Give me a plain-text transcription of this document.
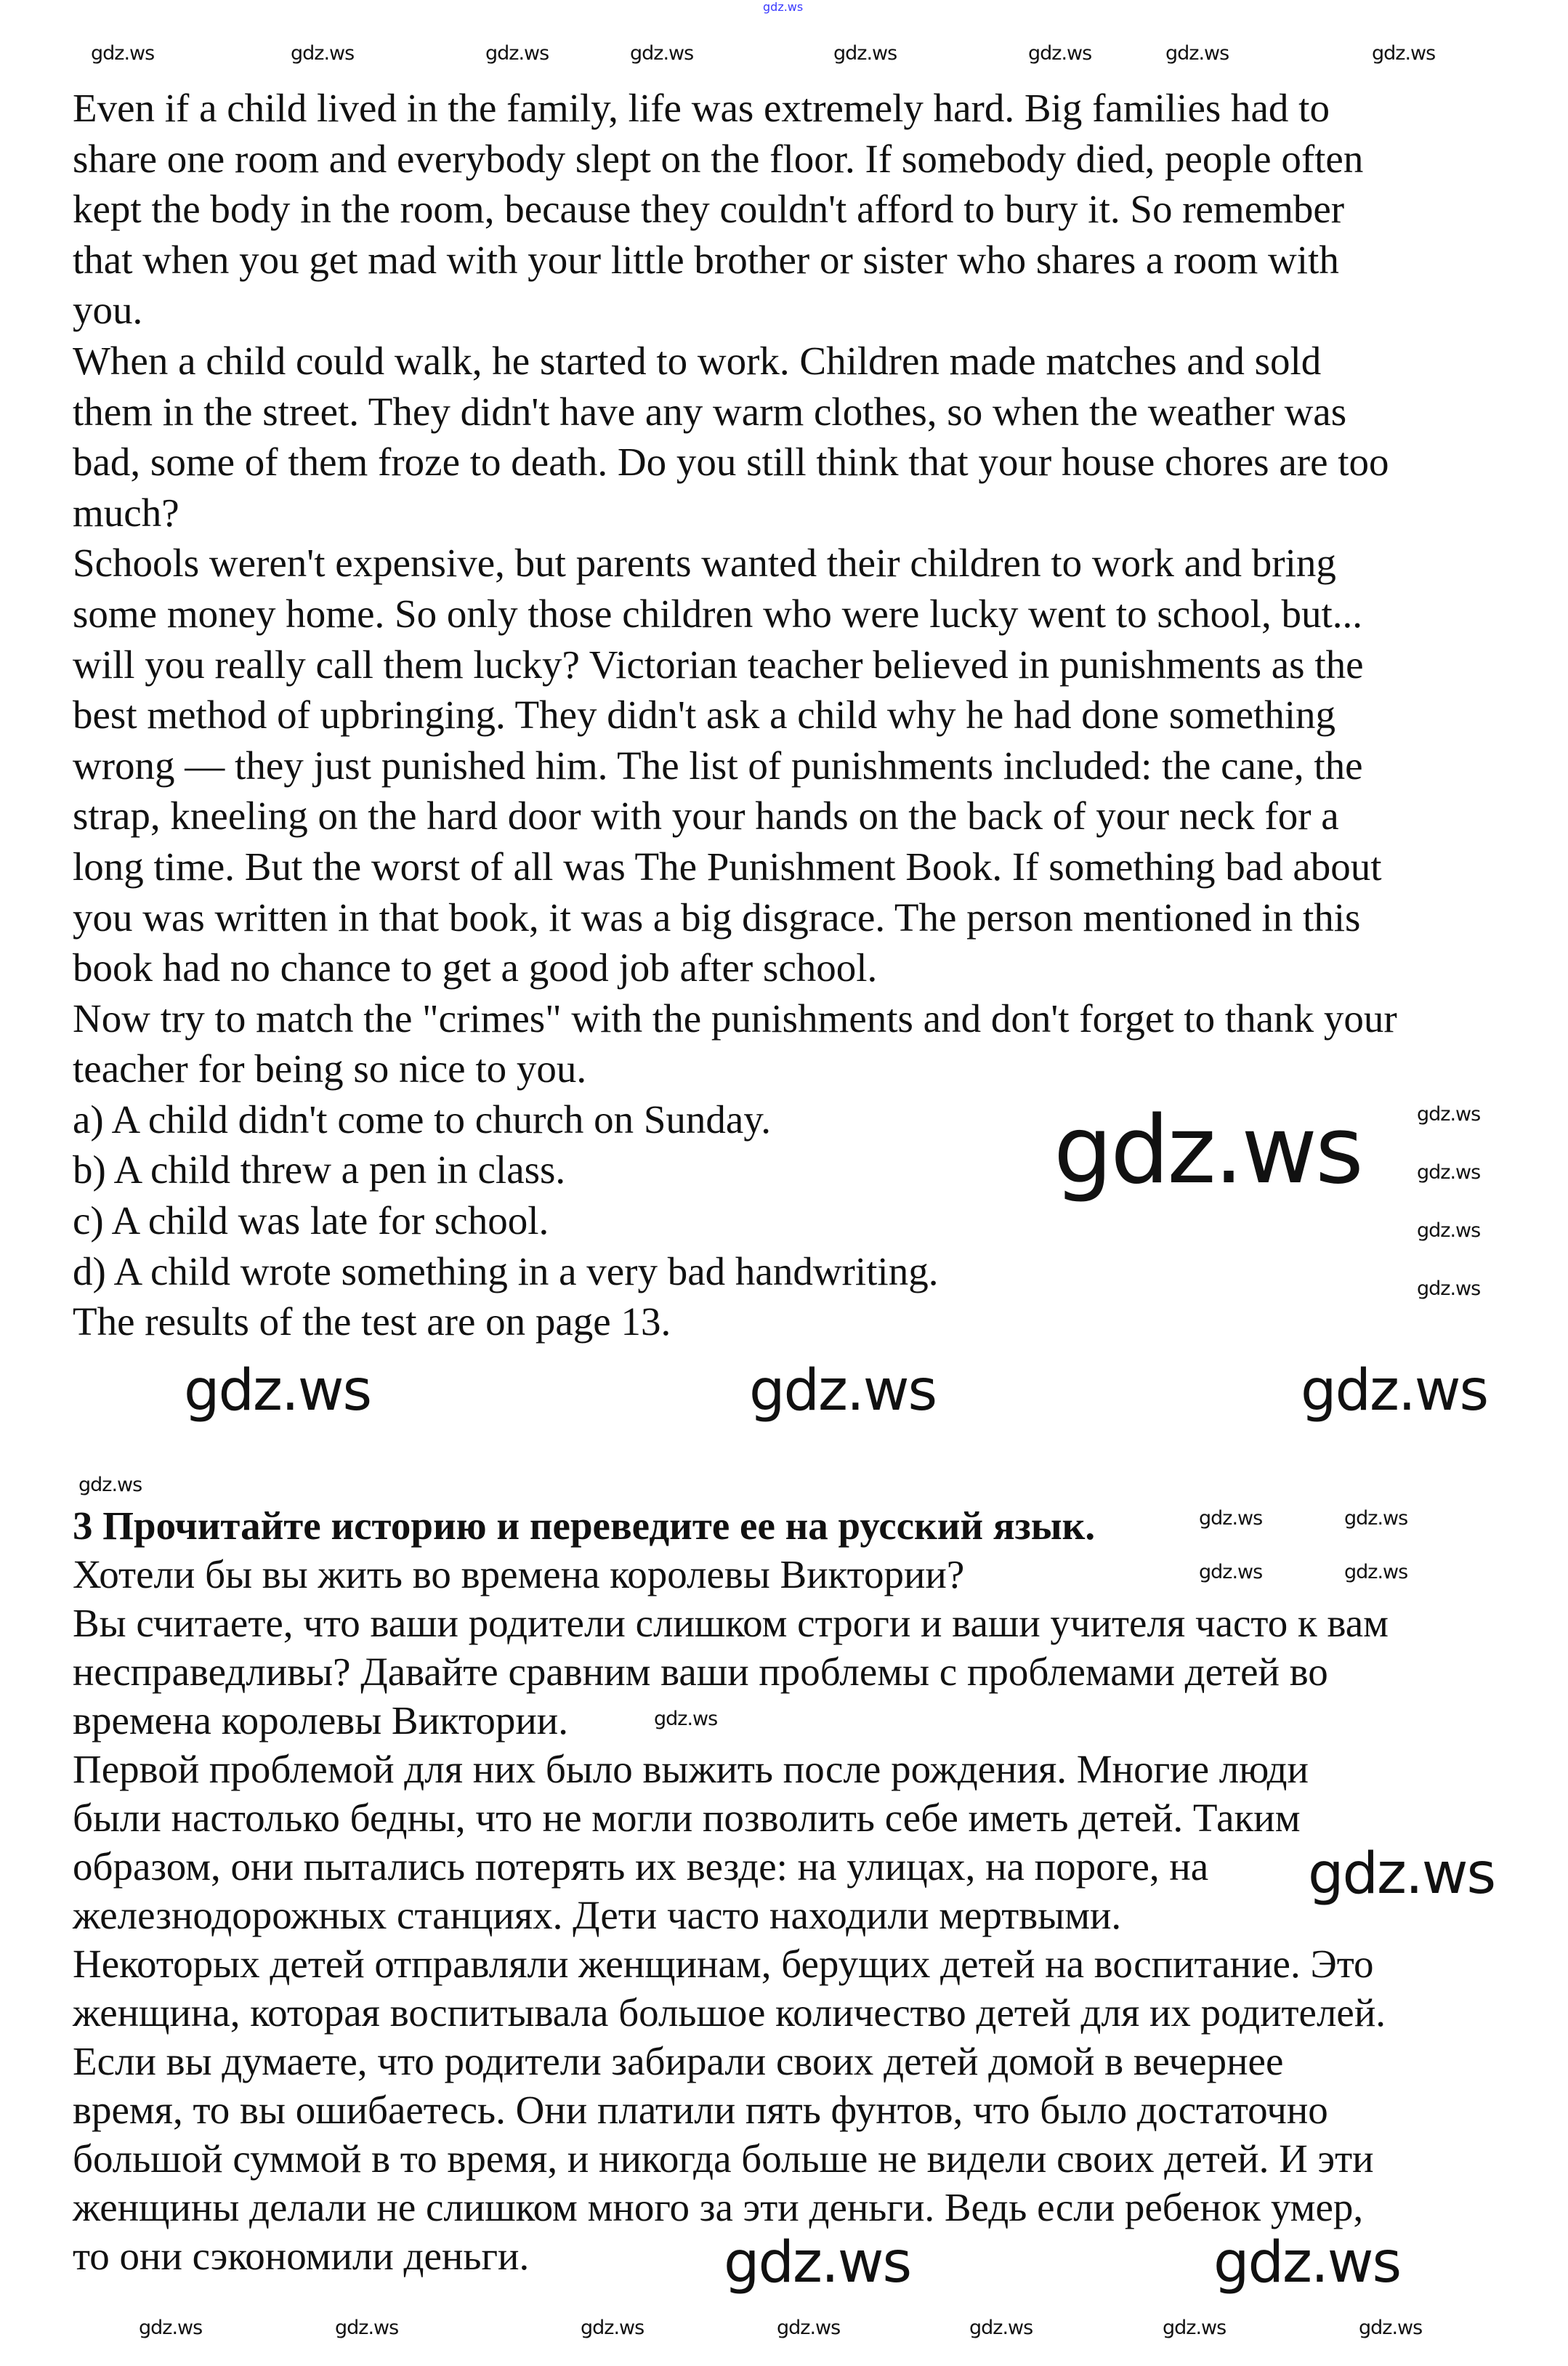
gdz.ws
Even if a child lived in the family, life was extremely hard. Big families had to
share one room and everybody slept on the floor. If somebody died, people often
kept the body in the room, because they couldn't afford to bury it. So remember
that when you get mad with your little brother or sister who shares a room with
you.
When a child could walk, he started to work. Children made matches and sold
them in the street. They didn't have any warm clothes, so when the weather was
bad, some of them froze to death. Do you still think that your house chores are too
much?
Schools weren't expensive, but parents wanted their children to work and bring
some money home. So only those children who were lucky went to school, but...
will you really call them lucky? Victorian teacher believed in punishments as the
best method of upbringing. They didn't ask a child why he had done something
wrong — they just punished him. The list of punishments included: the cane, the
strap, kneeling on the hard door with your hands on the back of your neck for a
long time. But the worst of all was The Punishment Book. If something bad about
you was written in that book, it was a big disgrace. The person mentioned in this
book had no chance to get a good job after school.
Now try to match the "crimes" with the punishments and don't forget to thank your
teacher for being so nice to you.
a) A child didn't come to church on Sunday.
b) A child threw a pen in class.
c) A child was late for school.
d) A child wrote something in a very bad handwriting.
The results of the test are on page 13.
3 Прочитайте историю и переведите ее на русский язык.
Хотели бы вы жить во времена королевы Виктории?
Вы считаете, что ваши родители слишком строги и ваши учителя часто к вам
несправедливы? Давайте сравним ваши проблемы с проблемами детей во
времена королевы Виктории.
Первой проблемой для них было выжить после рождения. Многие люди
были настолько бедны, что не могли позволить себе иметь детей. Таким
образом, они пытались потерять их везде: на улицах, на пороге, на
железнодорожных станциях. Дети часто находили мертвыми.
Некоторых детей отправляли женщинам, берущих детей на воспитание. Это
женщина, которая воспитывала большое количество детей для их родителей.
Если вы думаете, что родители забирали своих детей домой в вечернее
время, то вы ошибаетесь. Они платили пять фунтов, что было достаточно
большой суммой в то время, и никогда больше не видели своих детей. И эти
женщины делали не слишком много за эти деньги. Ведь если ребенок умер,
то они сэкономили деньги.
gdz.ws	gdz.ws	gdz.ws	gdz.ws	gdz.ws	gdz.ws	gdz.ws	gdz.ws
gdz.ws
gdz.ws
gdz.ws
gdz.ws
gdz.ws
gdz.ws
gdz.ws	gdz.ws
gdz.ws	gdz.ws
gdz.ws	gdz.ws	gdz.ws	gdz.ws	gdz.ws	gdz.ws	gdz.ws
gdz.ws	gdz.ws	gdz.ws
gdz.ws
gdz.ws
gdz.ws	gdz.ws
